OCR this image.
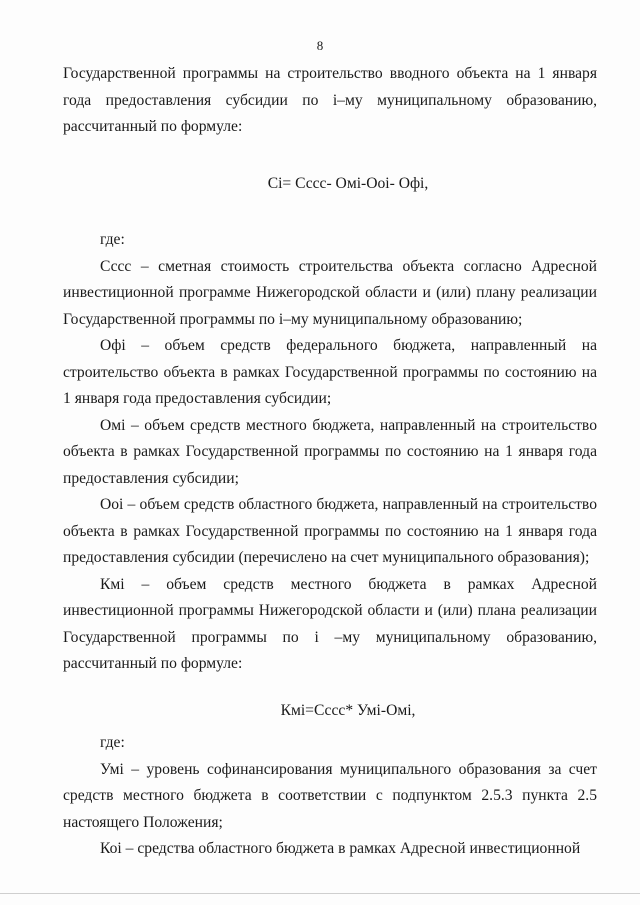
8

Государственной программы на строительство вводного объекта на 1 января года предоставления субсидии по i–му муниципальному образованию, рассчитанный по формуле:

Сi= Сссс- Омi-Ооi- Офi,

где:

Сссс – сметная стоимость строительства объекта согласно Адресной инвестиционной программе Нижегородской области и (или) плану реализации Государственной программы по i–му муниципальному образованию;

Офi – объем средств федерального бюджета, направленный на строительство объекта в рамках Государственной программы по состоянию на 1 января года предоставления субсидии;

Омi – объем средств местного бюджета, направленный на строительство объекта в рамках Государственной программы по состоянию на 1 января года предоставления субсидии;

Ооi – объем средств областного бюджета, направленный на строительство объекта в рамках Государственной программы по состоянию на 1 января года предоставления субсидии (перечислено на счет муниципального образования);

Кмi – объем средств местного бюджета в рамках Адресной инвестиционной программы Нижегородской области и (или) плана реализации Государственной программы по i –му муниципальному образованию, рассчитанный по формуле:

Кмi=Сссс* Умi-Омi,

где:

Умi – уровень софинансирования муниципального образования за счет средств местного бюджета в соответствии с подпунктом 2.5.3 пункта 2.5 настоящего Положения;

Коi – средства областного бюджета в рамках Адресной инвестиционной
